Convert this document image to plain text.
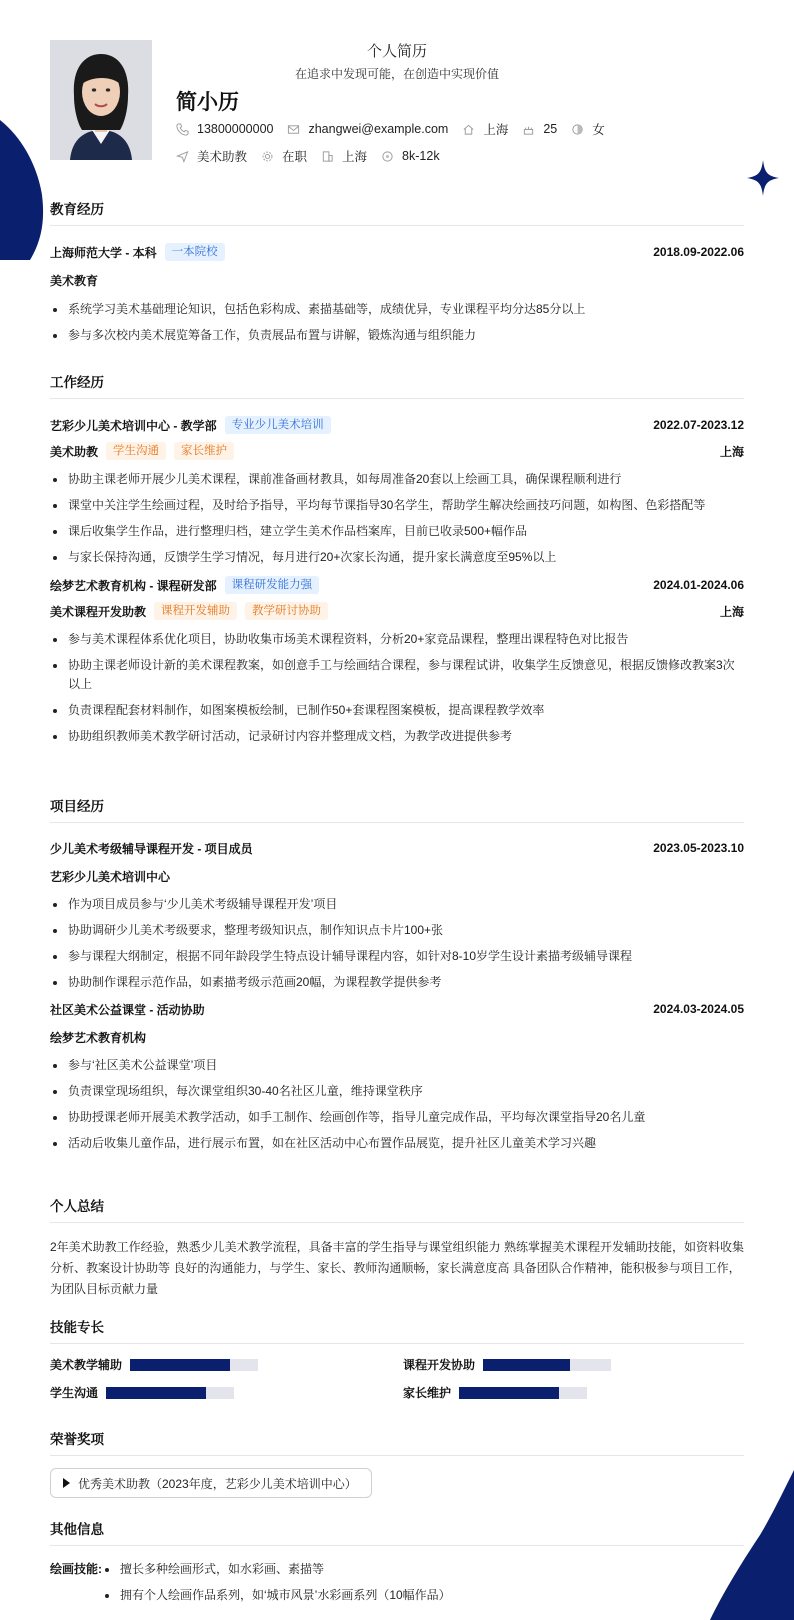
个人简历
在追求中发现可能，在创造中实现价值
简小历
13800000000	zhangwei@example.com	上海	25	女
美术助教	在职	上海	8k-12k
教育经历
上海师范大学 - 本科	一本院校	2018.09-2022.06
美术教育
系统学习美术基础理论知识，包括色彩构成、素描基础等，成绩优异，专业课程平均分达85分以上
参与多次校内美术展览筹备工作，负责展品布置与讲解，锻炼沟通与组织能力
工作经历
艺彩少儿美术培训中心 - 教学部	专业少儿美术培训	2022.07-2023.12
美术助教	学生沟通	家长维护	上海
协助主课老师开展少儿美术课程，课前准备画材教具，如每周准备20套以上绘画工具，确保课程顺利进行
课堂中关注学生绘画过程，及时给予指导，平均每节课指导30名学生，帮助学生解决绘画技巧问题，如构图、色彩搭配等
课后收集学生作品，进行整理归档，建立学生美术作品档案库，目前已收录500+幅作品
与家长保持沟通，反馈学生学习情况，每月进行20+次家长沟通，提升家长满意度至95%以上
绘梦艺术教育机构 - 课程研发部	课程研发能力强	2024.01-2024.06
美术课程开发助教	课程开发辅助	教学研讨协助	上海
参与美术课程体系优化项目，协助收集市场美术课程资料，分析20+家竞品课程，整理出课程特色对比报告
协助主课老师设计新的美术课程教案，如创意手工与绘画结合课程，参与课程试讲，收集学生反馈意见，根据反馈修改教案3次以上
负责课程配套材料制作，如图案模板绘制，已制作50+套课程图案模板，提高课程教学效率
协助组织教师美术教学研讨活动，记录研讨内容并整理成文档，为教学改进提供参考
项目经历
少儿美术考级辅导课程开发 - 项目成员	2023.05-2023.10
艺彩少儿美术培训中心
作为项目成员参与‘少儿美术考级辅导课程开发’项目
协助调研少儿美术考级要求，整理考级知识点，制作知识点卡片100+张
参与课程大纲制定，根据不同年龄段学生特点设计辅导课程内容，如针对8-10岁学生设计素描考级辅导课程
协助制作课程示范作品，如素描考级示范画20幅，为课程教学提供参考
社区美术公益课堂 - 活动协助	2024.03-2024.05
绘梦艺术教育机构
参与‘社区美术公益课堂’项目
负责课堂现场组织，每次课堂组织30-40名社区儿童，维持课堂秩序
协助授课老师开展美术教学活动，如手工制作、绘画创作等，指导儿童完成作品，平均每次课堂指导20名儿童
活动后收集儿童作品，进行展示布置，如在社区活动中心布置作品展览，提升社区儿童美术学习兴趣
个人总结
2年美术助教工作经验，熟悉少儿美术教学流程，具备丰富的学生指导与课堂组织能力 熟练掌握美术课程开发辅助技能，如资料收集分析、教案设计协助等 良好的沟通能力，与学生、家长、教师沟通顺畅，家长满意度高 具备团队合作精神，能积极参与项目工作，为团队目标贡献力量
技能专长
美术教学辅助	课程开发协助
学生沟通	家长维护
荣誉奖项
优秀美术助教（2023年度，艺彩少儿美术培训中心）
其他信息
绘画技能:	擅长多种绘画形式，如水彩画、素描等
拥有个人绘画作品系列，如‘城市风景’水彩画系列（10幅作品）
